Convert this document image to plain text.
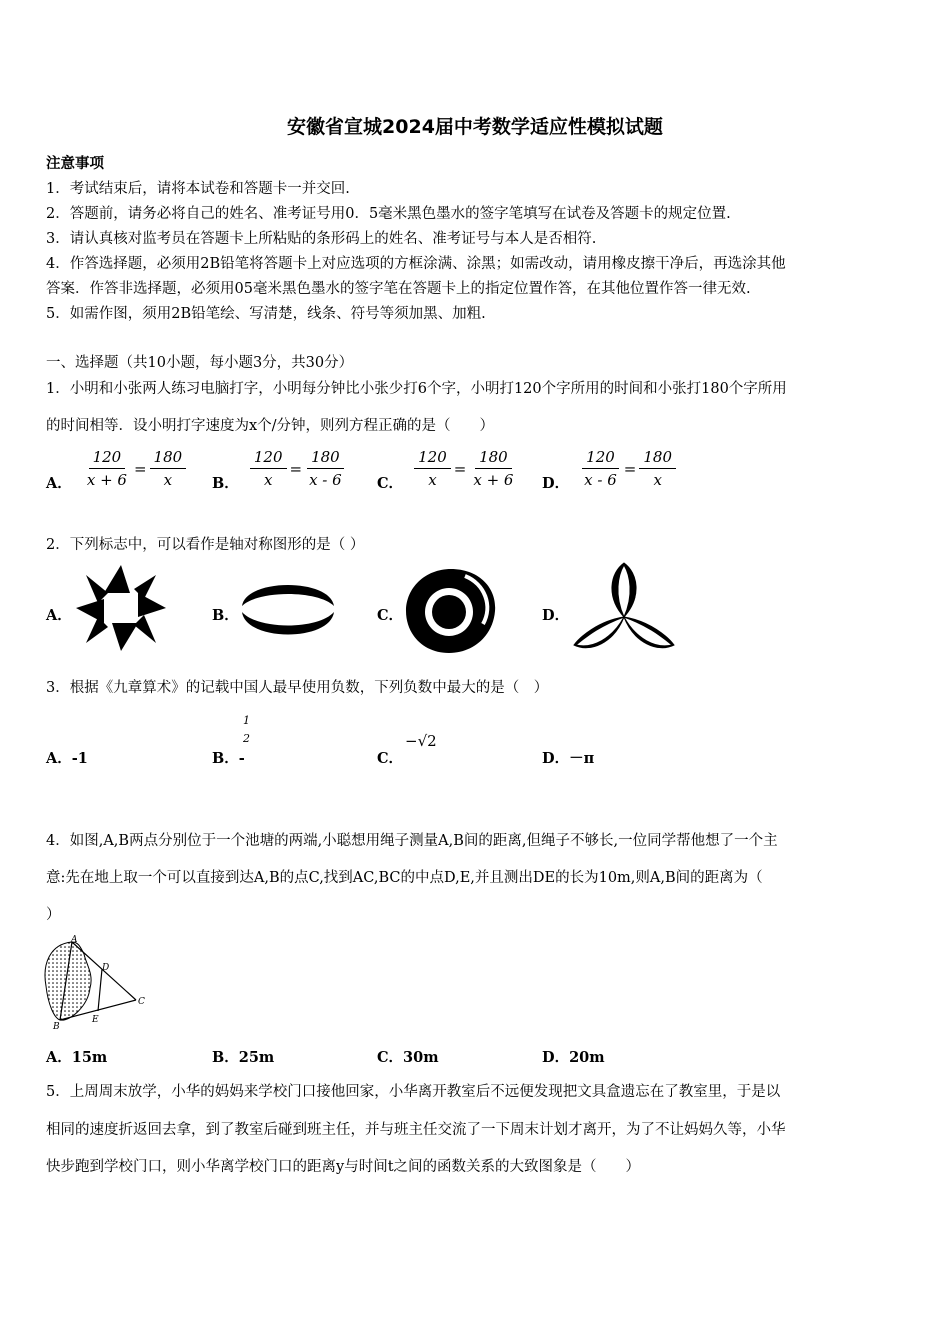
安徽省宣城2024届中考数学适应性模拟试题
注意事项
1．考试结束后，请将本试卷和答题卡一并交回.
2．答题前，请务必将自己的姓名、准考证号用0．5毫米黑色墨水的签字笔填写在试卷及答题卡的规定位置.
3．请认真核对监考员在答题卡上所粘贴的条形码上的姓名、准考证号与本人是否相符.
4．作答选择题，必须用2B铅笔将答题卡上对应选项的方框涂满、涂黑；如需改动，请用橡皮擦干净后，再选涂其他
答案．作答非选择题，必须用05毫米黑色墨水的签字笔在答题卡上的指定位置作答，在其他位置作答一律无效.
5．如需作图，须用2B铅笔绘、写清楚，线条、符号等须加黑、加粗.
一、选择题（共10小题，每小题3分，共30分）
1．小明和小张两人练习电脑打字，小明每分钟比小张少打6个字，小明打120个字所用的时间和小张打180个字所用
的时间相等．设小明打字速度为x个/分钟，则列方程正确的是（　　）
A． $\frac{120}{x + 6} = \frac{180}{x}$ B． $\frac{120}{x} = \frac{180}{x - 6}$ C． $\frac{120}{x} = \frac{180}{x + 6}$ D． $\frac{120}{x - 6} = \frac{180}{x}$
2．下列标志中，可以看作是轴对称图形的是（ ）
A．	B．	C．	D．
3．根据《九章算术》的记载中国人最早使用负数，下列负数中最大的是（　）
A．-1
1
2
B．-	C．
−√2
D．－π
4．如图,A,B两点分别位于一个池塘的两端,小聪想用绳子测量A,B间的距离,但绳子不够长,一位同学帮他想了一个主
意:先在地上取一个可以直接到达A,B的点C,找到AC,BC的中点D,E,并且测出DE的长为10m,则A,B间的距离为（
）
A
B
C
D
E
A．15m	B．25m	C．30m	D．20m
5．上周周末放学，小华的妈妈来学校门口接他回家，小华离开教室后不远便发现把文具盒遗忘在了教室里，于是以
相同的速度折返回去拿，到了教室后碰到班主任，并与班主任交流了一下周末计划才离开，为了不让妈妈久等，小华
快步跑到学校门口，则小华离学校门口的距离y与时间t之间的函数关系的大致图象是（　　）
